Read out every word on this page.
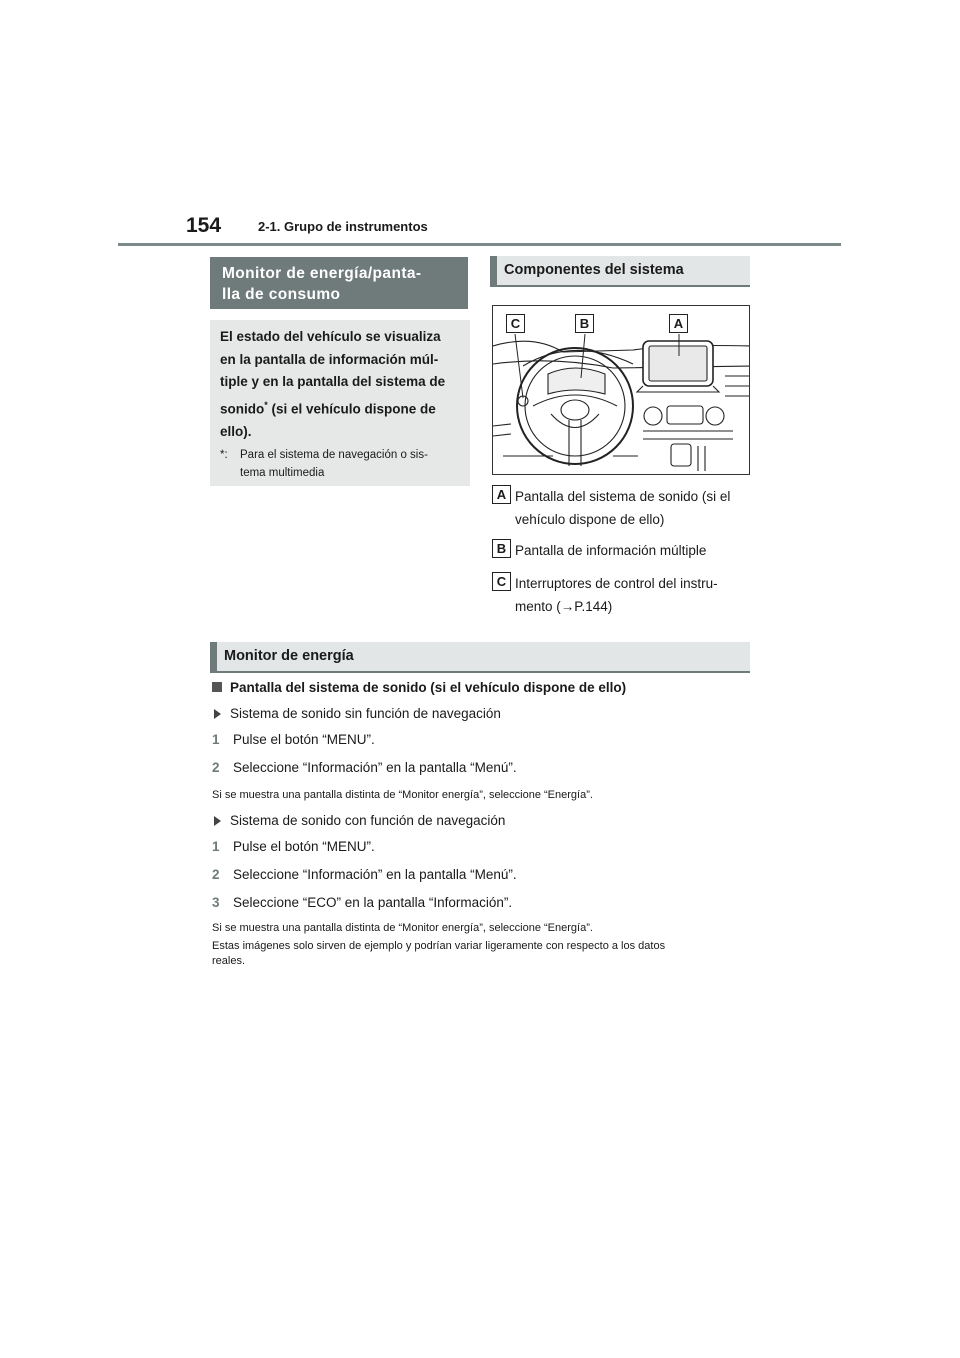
154	2-1. Grupo de instrumentos
Monitor de energía/panta-
lla de consumo
El estado del vehículo se visualiza
en la pantalla de información múl-
tiple y en la pantalla del sistema de
sonido* (si el vehículo dispone de
ello).
*:	Para el sistema de navegación o sis-
tema multimedia
Componentes del sistema
C	B	A
A Pantalla del sistema de sonido (si el
vehículo dispone de ello)
B Pantalla de información múltiple
C Interruptores de control del instru-
mento (→P.144)
Monitor de energía
Pantalla del sistema de sonido (si el vehículo dispone de ello)
Sistema de sonido sin función de navegación
1 Pulse el botón “MENU”.
2 Seleccione “Información” en la pantalla “Menú”.
Si se muestra una pantalla distinta de “Monitor energía”, seleccione “Energía”.
Sistema de sonido con función de navegación
1 Pulse el botón “MENU”.
2 Seleccione “Información” en la pantalla “Menú”.
3 Seleccione “ECO” en la pantalla “Información”.
Si se muestra una pantalla distinta de “Monitor energía”, seleccione “Energía”.
Estas imágenes solo sirven de ejemplo y podrían variar ligeramente con respecto a los datos
reales.
